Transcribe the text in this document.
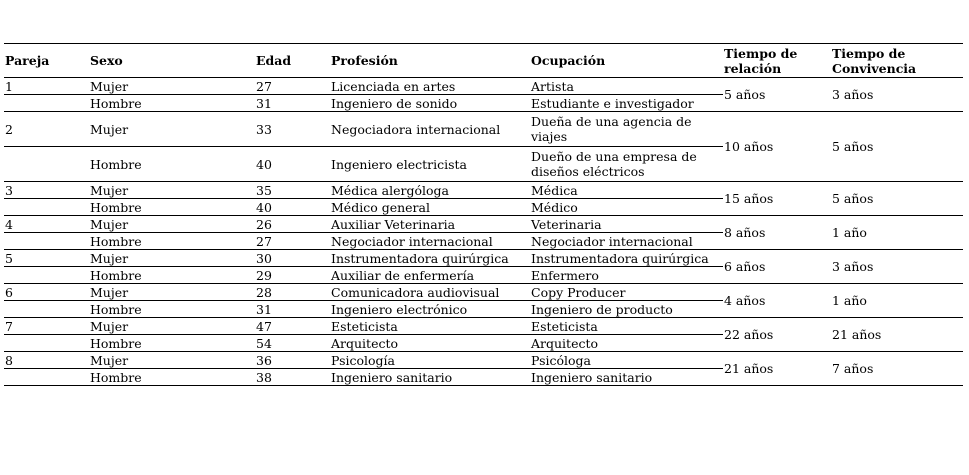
Pareja	Sexo	Edad	Profesión	Ocupación	Tiempo de relación	Tiempo de Convivencia
1	Mujer	27	Licenciada en artes	Artista	5 años	3 años
	Hombre	31	Ingeniero de sonido	Estudiante e investigador		
2	Mujer	33	Negociadora internacional	Dueña de una agencia de viajes	10 años	5 años
	Hombre	40	Ingeniero electricista	Dueño de una empresa de diseños eléctricos		
3	Mujer	35	Médica alergóloga	Médica	15 años	5 años
	Hombre	40	Médico general	Médico		
4	Mujer	26	Auxiliar Veterinaria	Veterinaria	8 años	1 año
	Hombre	27	Negociador internacional	Negociador internacional		
5	Mujer	30	Instrumentadora quirúrgica	Instrumentadora quirúrgica	6 años	3 años
	Hombre	29	Auxiliar de enfermería	Enfermero		
6	Mujer	28	Comunicadora audiovisual	Copy Producer	4 años	1 año
	Hombre	31	Ingeniero electrónico	Ingeniero de producto		
7	Mujer	47	Esteticista	Esteticista	22 años	21 años
	Hombre	54	Arquitecto	Arquitecto		
8	Mujer	36	Psicología	Psicóloga	21 años	7 años
	Hombre	38	Ingeniero sanitario	Ingeniero sanitario		
